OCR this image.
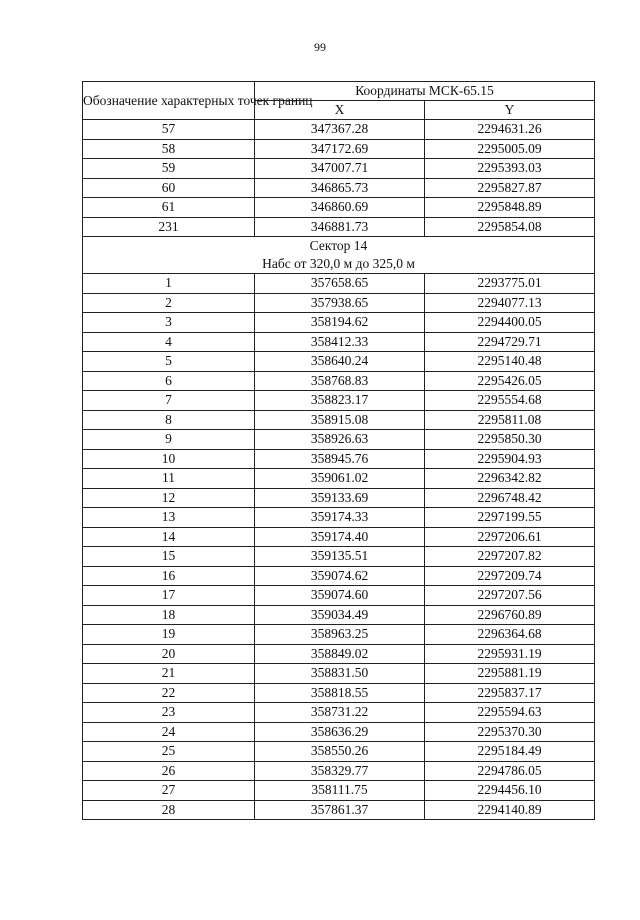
99
Обозначение характерных точек границ	Координаты МСК-65.15	
	X	Y
57	347367.28	2294631.26
58	347172.69	2295005.09
59	347007.71	2295393.03
60	346865.73	2295827.87
61	346860.69	2295848.89
231	346881.73	2295854.08

Сектор 14
Набс от 320,0 м до 325,0 м		

1	357658.65	2293775.01
2	357938.65	2294077.13
3	358194.62	2294400.05
4	358412.33	2294729.71
5	358640.24	2295140.48
6	358768.83	2295426.05
7	358823.17	2295554.68
8	358915.08	2295811.08
9	358926.63	2295850.30
10	358945.76	2295904.93
11	359061.02	2296342.82
12	359133.69	2296748.42
13	359174.33	2297199.55
14	359174.40	2297206.61
15	359135.51	2297207.82
16	359074.62	2297209.74
17	359074.60	2297207.56
18	359034.49	2296760.89
19	358963.25	2296364.68
20	358849.02	2295931.19
21	358831.50	2295881.19
22	358818.55	2295837.17
23	358731.22	2295594.63
24	358636.29	2295370.30
25	358550.26	2295184.49
26	358329.77	2294786.05
27	358111.75	2294456.10
28	357861.37	2294140.89
